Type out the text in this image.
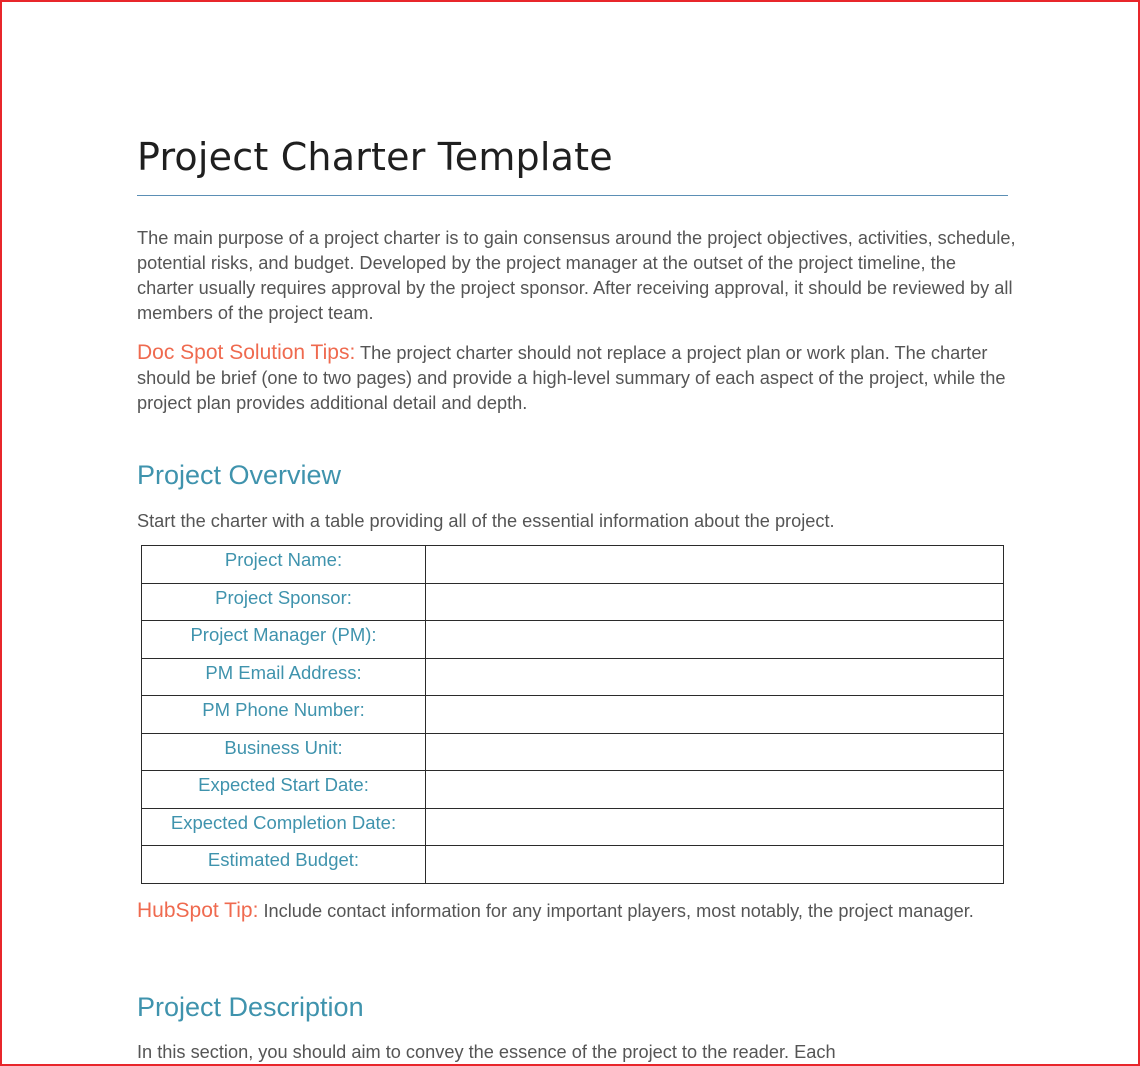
Project Charter Template

The main purpose of a project charter is to gain consensus around the project objectives, activities, schedule, potential risks, and budget. Developed by the project manager at the outset of the project timeline, the charter usually requires approval by the project sponsor. After receiving approval, it should be reviewed by all members of the project team.

Doc Spot Solution Tips: The project charter should not replace a project plan or work plan. The charter should be brief (one to two pages) and provide a high-level summary of each aspect of the project, while the project plan provides additional detail and depth.

Project Overview

Start the charter with a table providing all of the essential information about the project.

Project Name:	
Project Sponsor:	
Project Manager (PM):	
PM Email Address:	
PM Phone Number:	
Business Unit:	
Expected Start Date:	
Expected Completion Date:	
Estimated Budget:	

HubSpot Tip: Include contact information for any important players, most notably, the project manager.

Project Description

In this section, you should aim to convey the essence of the project to the reader. Each
